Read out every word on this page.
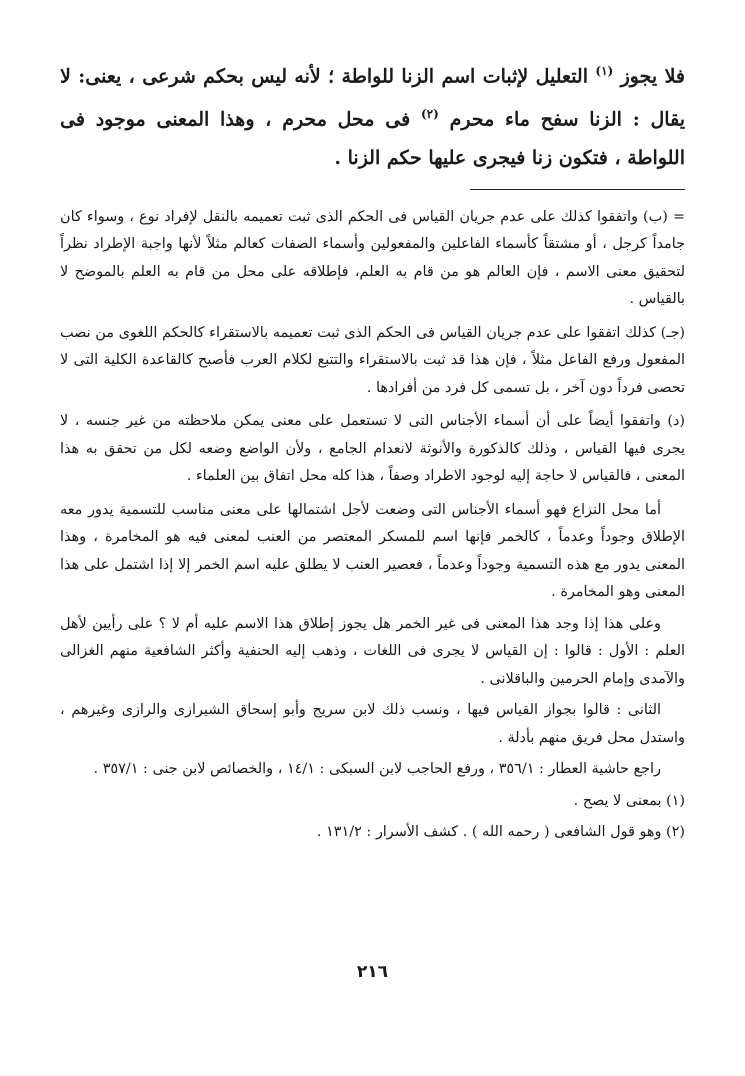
فلا يجوز $^{(١)}$ التعليل لإثبات اسم الزنا للواطة ؛ لأنه ليس بحكم شرعى ، يعنى: لا يقال : الزنا سفح ماء محرم $^{(٢)}$ فى محل محرم ، وهذا المعنى موجود فى اللواطة ، فتكون زنا فيجرى عليها حكم الزنا .

= (ب) واتفقوا كذلك على عدم جريان القياس فى الحكم الذى ثبت تعميمه بالنقل لإفراد نوع ، وسواء كان جامداً كرجل ، أو مشتقاً كأسماء الفاعلين والمفعولين وأسماء الصفات كعالم مثلاً لأنها واجبة الإطراد نظراً لتحقيق معنى الاسم ، فإن العالم هو من قام به العلم، فإطلاقه على محل من قام به العلم بالموضح لا بالقياس .

(جـ) كذلك اتفقوا على عدم جريان القياس فى الحكم الذى ثبت تعميمه بالاستقراء كالحكم اللغوى من نصب المفعول ورفع الفاعل مثلاً ، فإن هذا قد ثبت بالاستقراء والتتبع لكلام العرب فأصبح كالقاعدة الكلية التى لا تحصى فرداً دون آخر ، بل تسمى كل فرد من أفرادها .

(د) واتفقوا أيضاً على أن أسماء الأجناس التى لا تستعمل على معنى يمكن ملاحظته من غير جنسه ، لا يجرى فيها القياس ، وذلك كالذكورة والأنوثة لانعدام الجامع ، ولأن الواضع وضعه لكل من تحقق به هذا المعنى ، فالقياس لا حاجة إليه لوجود الاطراد وصفاً ، هذا كله محل اتفاق بين العلماء .

أما محل النزاع فهو أسماء الأجناس التى وضعت لأجل اشتمالها على معنى مناسب للتسمية يدور معه الإطلاق وجوداً وعدماً ، كالخمر فإنها اسم للمسكر المعتصر من العنب لمعنى فيه هو المخامرة ، وهذا المعنى يدور مع هذه التسمية وجوداً وعدماً ، فعصير العنب لا يطلق عليه اسم الخمر إلا إذا اشتمل على هذا المعنى وهو المخامرة .

وعلى هذا إذا وجد هذا المعنى فى غير الخمر هل يجوز إطلاق هذا الاسم عليه أم لا ؟ على رأيين لأهل العلم : الأول : قالوا : إن القياس لا يجرى فى اللغات ، وذهب إليه الحنفية وأكثر الشافعية منهم الغزالى والآمدى وإمام الحرمين والباقلانى .

الثانى : قالوا بجواز القياس فيها ، ونسب ذلك لابن سريج وأبو إسحاق الشيرازى والرازى وغيرهم ، واستدل محل فريق منهم بأدلة .

راجع حاشية العطار : ٣٥٦/١ ، ورفع الحاجب لابن السبكى : ١٤/١ ، والخصائص لابن جنى : ٣٥٧/١ .

(١) بمعنى لا يصح .

(٢) وهو قول الشافعى ( رحمه الله ) . كشف الأسرار : ١٣١/٢ .

٢١٦
